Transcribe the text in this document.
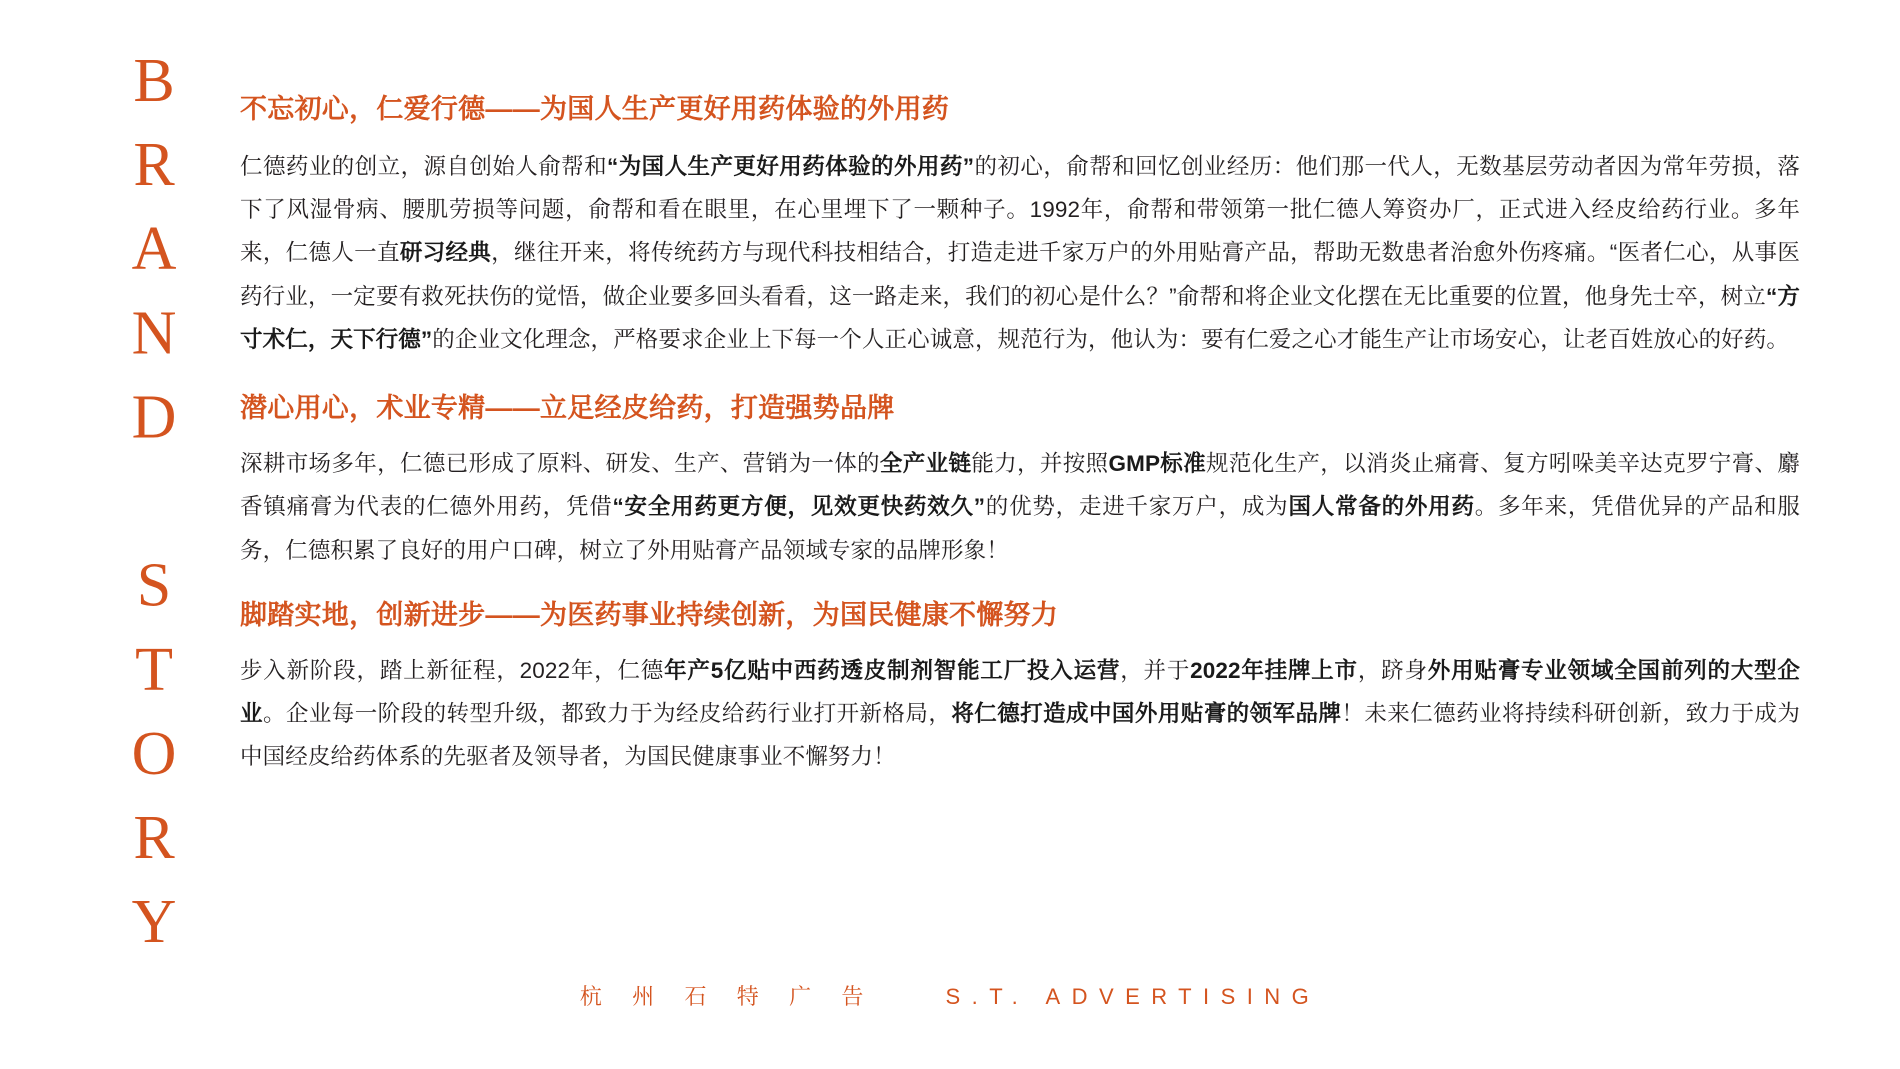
BRAND STORY 不忘初心，仁爱行德——为国人生产更好用药体验的外用药

仁德药业的创立，源自创始人俞帮和“为国人生产更好用药体验的外用药”的初心，俞帮和回忆创业经历：他们那一代人，无数基层劳动者因为常年劳损，落下了风湿骨病、腰肌劳损等问题，俞帮和看在眼里，在心里埋下了一颗种子。1992年，俞帮和带领第一批仁德人筹资办厂，正式进入经皮给药行业。多年来，仁德人一直研习经典，继往开来，将传统药方与现代科技相结合，打造走进千家万户的外用贴膏产品，帮助无数患者治愈外伤疼痛。“医者仁心，从事医药行业，一定要有救死扶伤的觉悟，做企业要多回头看看，这一路走来，我们的初心是什么？”俞帮和将企业文化摆在无比重要的位置，他身先士卒，树立“方寸术仁，天下行德”的企业文化理念，严格要求企业上下每一个人正心诚意，规范行为，他认为：要有仁爱之心才能生产让市场安心，让老百姓放心的好药。

潜心用心，术业专精——立足经皮给药，打造强势品牌

深耕市场多年，仁德已形成了原料、研发、生产、营销为一体的全产业链能力，并按照GMP标准规范化生产，以消炎止痛膏、复方吲哚美辛达克罗宁膏、麝香镇痛膏为代表的仁德外用药，凭借“安全用药更方便，见效更快药效久”的优势，走进千家万户，成为国人常备的外用药。多年来，凭借优异的产品和服务，仁德积累了良好的用户口碑，树立了外用贴膏产品领域专家的品牌形象！

脚踏实地，创新进步——为医药事业持续创新，为国民健康不懈努力

步入新阶段，踏上新征程，2022年，仁德年产5亿贴中西药透皮制剂智能工厂投入运营，并于2022年挂牌上市，跻身外用贴膏专业领域全国前列的大型企业。企业每一阶段的转型升级，都致力于为经皮给药行业打开新格局，将仁德打造成中国外用贴膏的领军品牌！未来仁德药业将持续科研创新，致力于成为中国经皮给药体系的先驱者及领导者，为国民健康事业不懈努力！

杭 州 石 特 广 告	S.T. ADVERTISING
